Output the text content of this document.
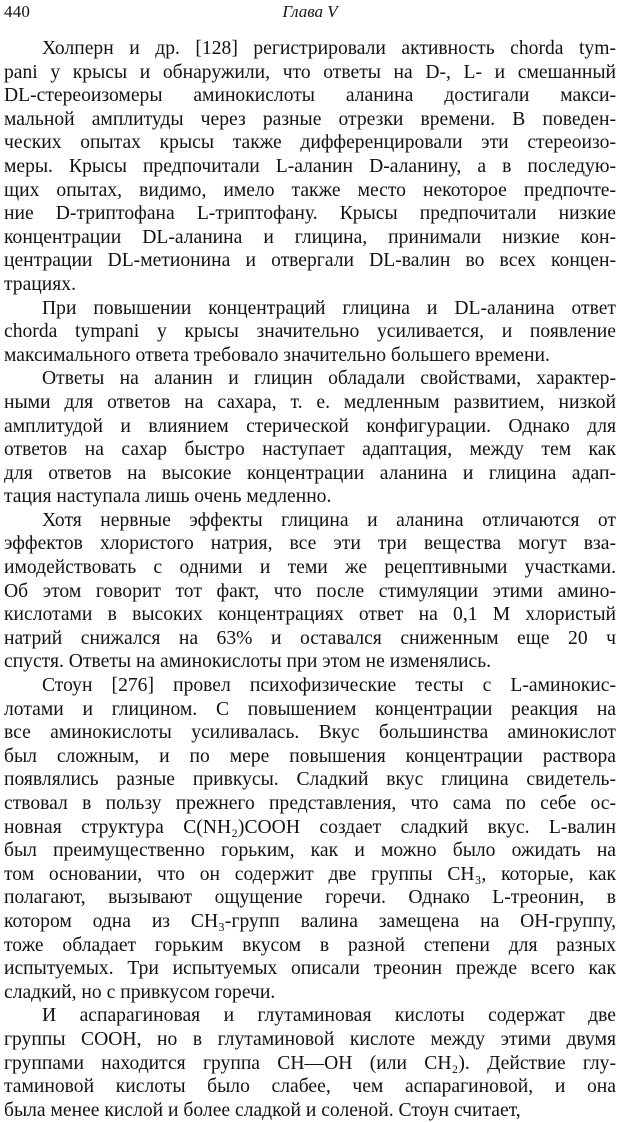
440	Глава V
Холперн и др. [128] регистрировали активность chorda tym-
pani у крысы и обнаружили, что ответы на D-, L- и смешанный
DL-стереоизомеры аминокислоты аланина достигали макси-
мальной амплитуды через разные отрезки времени. В поведен-
ческих опытах крысы также дифференцировали эти стереоизо-
меры. Крысы предпочитали L-аланин D-аланину, а в последую-
щих опытах, видимо, имело также место некоторое предпочте-
ние D-триптофана L-триптофану. Крысы предпочитали низкие
концентрации DL-аланина и глицина, принимали низкие кон-
центрации DL-метионина и отвергали DL-валин во всех концен-
трациях.
При повышении концентраций глицина и DL-аланина ответ
chorda tympani у крысы значительно усиливается, и появление
максимального ответа требовало значительно большего времени.
Ответы на аланин и глицин обладали свойствами, характер-
ными для ответов на сахара, т. е. медленным развитием, низкой
амплитудой и влиянием стерической конфигурации. Однако для
ответов на сахар быстро наступает адаптация, между тем как
для ответов на высокие концентрации аланина и глицина адап-
тация наступала лишь очень медленно.
Хотя нервные эффекты глицина и аланина отличаются от
эффектов хлористого натрия, все эти три вещества могут вза-
имодействовать с одними и теми же рецептивными участками.
Об этом говорит тот факт, что после стимуляции этими амино-
кислотами в высоких концентрациях ответ на 0,1 М хлористый
натрий снижался на 63% и оставался сниженным еще 20 ч
спустя. Ответы на аминокислоты при этом не изменялись.
Стоун [276] провел психофизические тесты с L-аминокис-
лотами и глицином. С повышением концентрации реакция на
все аминокислоты усиливалась. Вкус большинства аминокислот
был сложным, и по мере повышения концентрации раствора
появлялись разные привкусы. Сладкий вкус глицина свидетель-
ствовал в пользу прежнего представления, что сама по себе ос-
новная структура C(NH₂)COOH создает сладкий вкус. L-валин
был преимущественно горьким, как и можно было ожидать на
том основании, что он содержит две группы CH₃, которые, как
полагают, вызывают ощущение горечи. Однако L-треонин, в
котором одна из CH₃-групп валина замещена на OH-группу,
тоже обладает горьким вкусом в разной степени для разных
испытуемых. Три испытуемых описали треонин прежде всего как
сладкий, но с привкусом горечи.
И аспарагиновая и глутаминовая кислоты содержат две
группы COOH, но в глутаминовой кислоте между этими двумя
группами находится группа CH—OH (или CH₂). Действие глу-
таминовой кислоты было слабее, чем аспарагиновой, и она
была менее кислой и более сладкой и соленой. Стоун считает,
